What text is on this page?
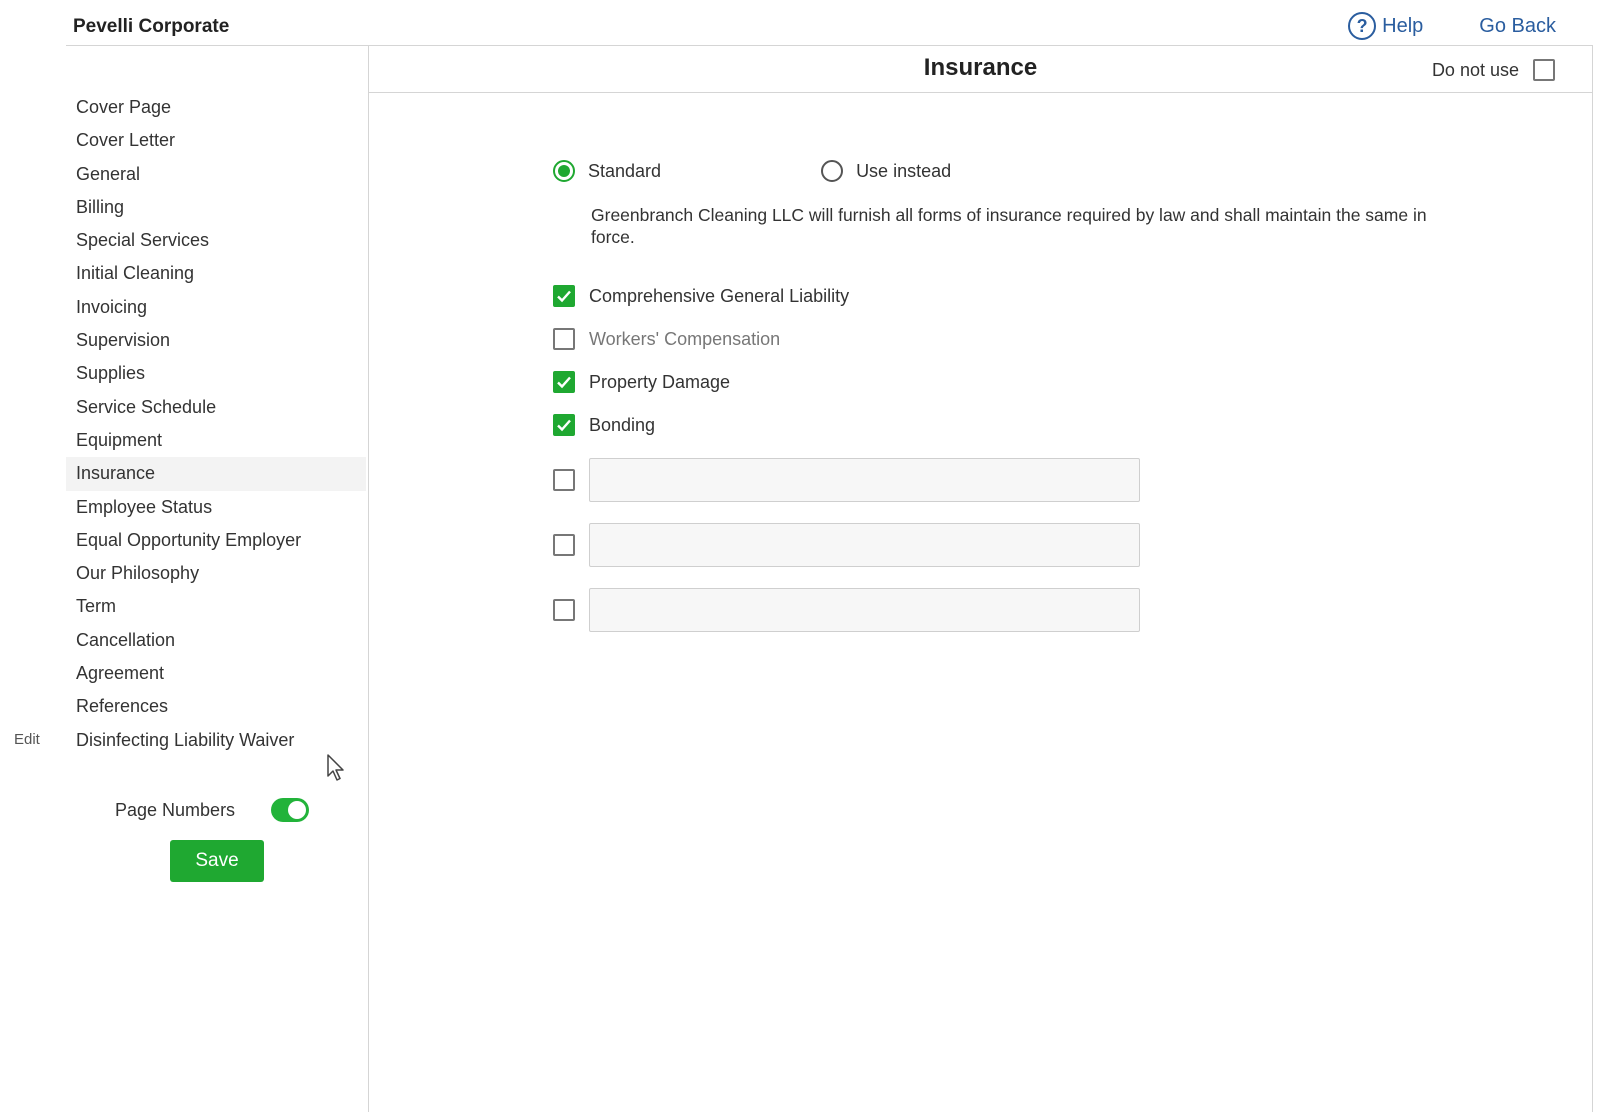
Pevelli Corporate	? Help	Go Back
Cover Page
Cover Letter
General
Billing
Special Services
Initial Cleaning
Invoicing
Supervision
Supplies
Service Schedule
Equipment
Insurance
Employee Status
Equal Opportunity Employer
Our Philosophy
Term
Cancellation
Agreement
References
Disinfecting Liability Waiver
Edit
Page Numbers
Save
Insurance	Do not use
Standard	Use instead
Greenbranch Cleaning LLC will furnish all forms of insurance required by law and shall maintain the same in force.
Comprehensive General Liability
Workers' Compensation
Property Damage
Bonding
